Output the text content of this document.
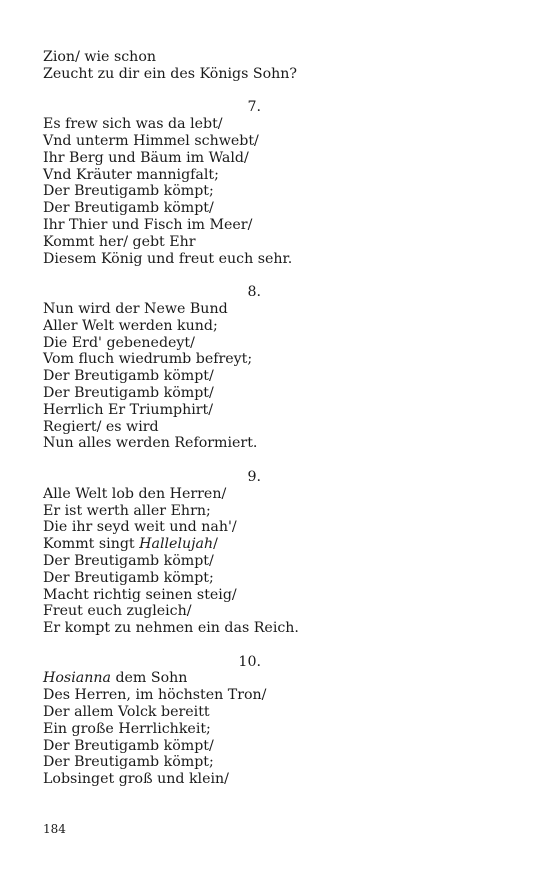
Zion/ wie schon
Zeucht zu dir ein des Königs Sohn?
7.
Es frew sich was da lebt/
Vnd unterm Himmel schwebt/
Ihr Berg und Bäum im Wald/
Vnd Kräuter mannigfalt;
Der Breutigamb kömpt;
Der Breutigamb kömpt/
Ihr Thier und Fisch im Meer/
Kommt her/ gebt Ehr
Diesem König und freut euch sehr.
8.
Nun wird der Newe Bund
Aller Welt werden kund;
Die Erd' gebenedeyt/
Vom fluch wiedrumb befreyt;
Der Breutigamb kömpt/
Der Breutigamb kömpt/
Herrlich Er Triumphirt/
Regiert/ es wird
Nun alles werden Reformiert.
9.
Alle Welt lob den Herren/
Er ist werth aller Ehrn;
Die ihr seyd weit und nah'/
Kommt singt Hallelujah/
Der Breutigamb kömpt/
Der Breutigamb kömpt;
Macht richtig seinen steig/
Freut euch zugleich/
Er kompt zu nehmen ein das Reich.
10.
Hosianna dem Sohn
Des Herren, im höchsten Tron/
Der allem Volck bereitt
Ein große Herrlichkeit;
Der Breutigamb kömpt/
Der Breutigamb kömpt;
Lobsinget groß und klein/
184
